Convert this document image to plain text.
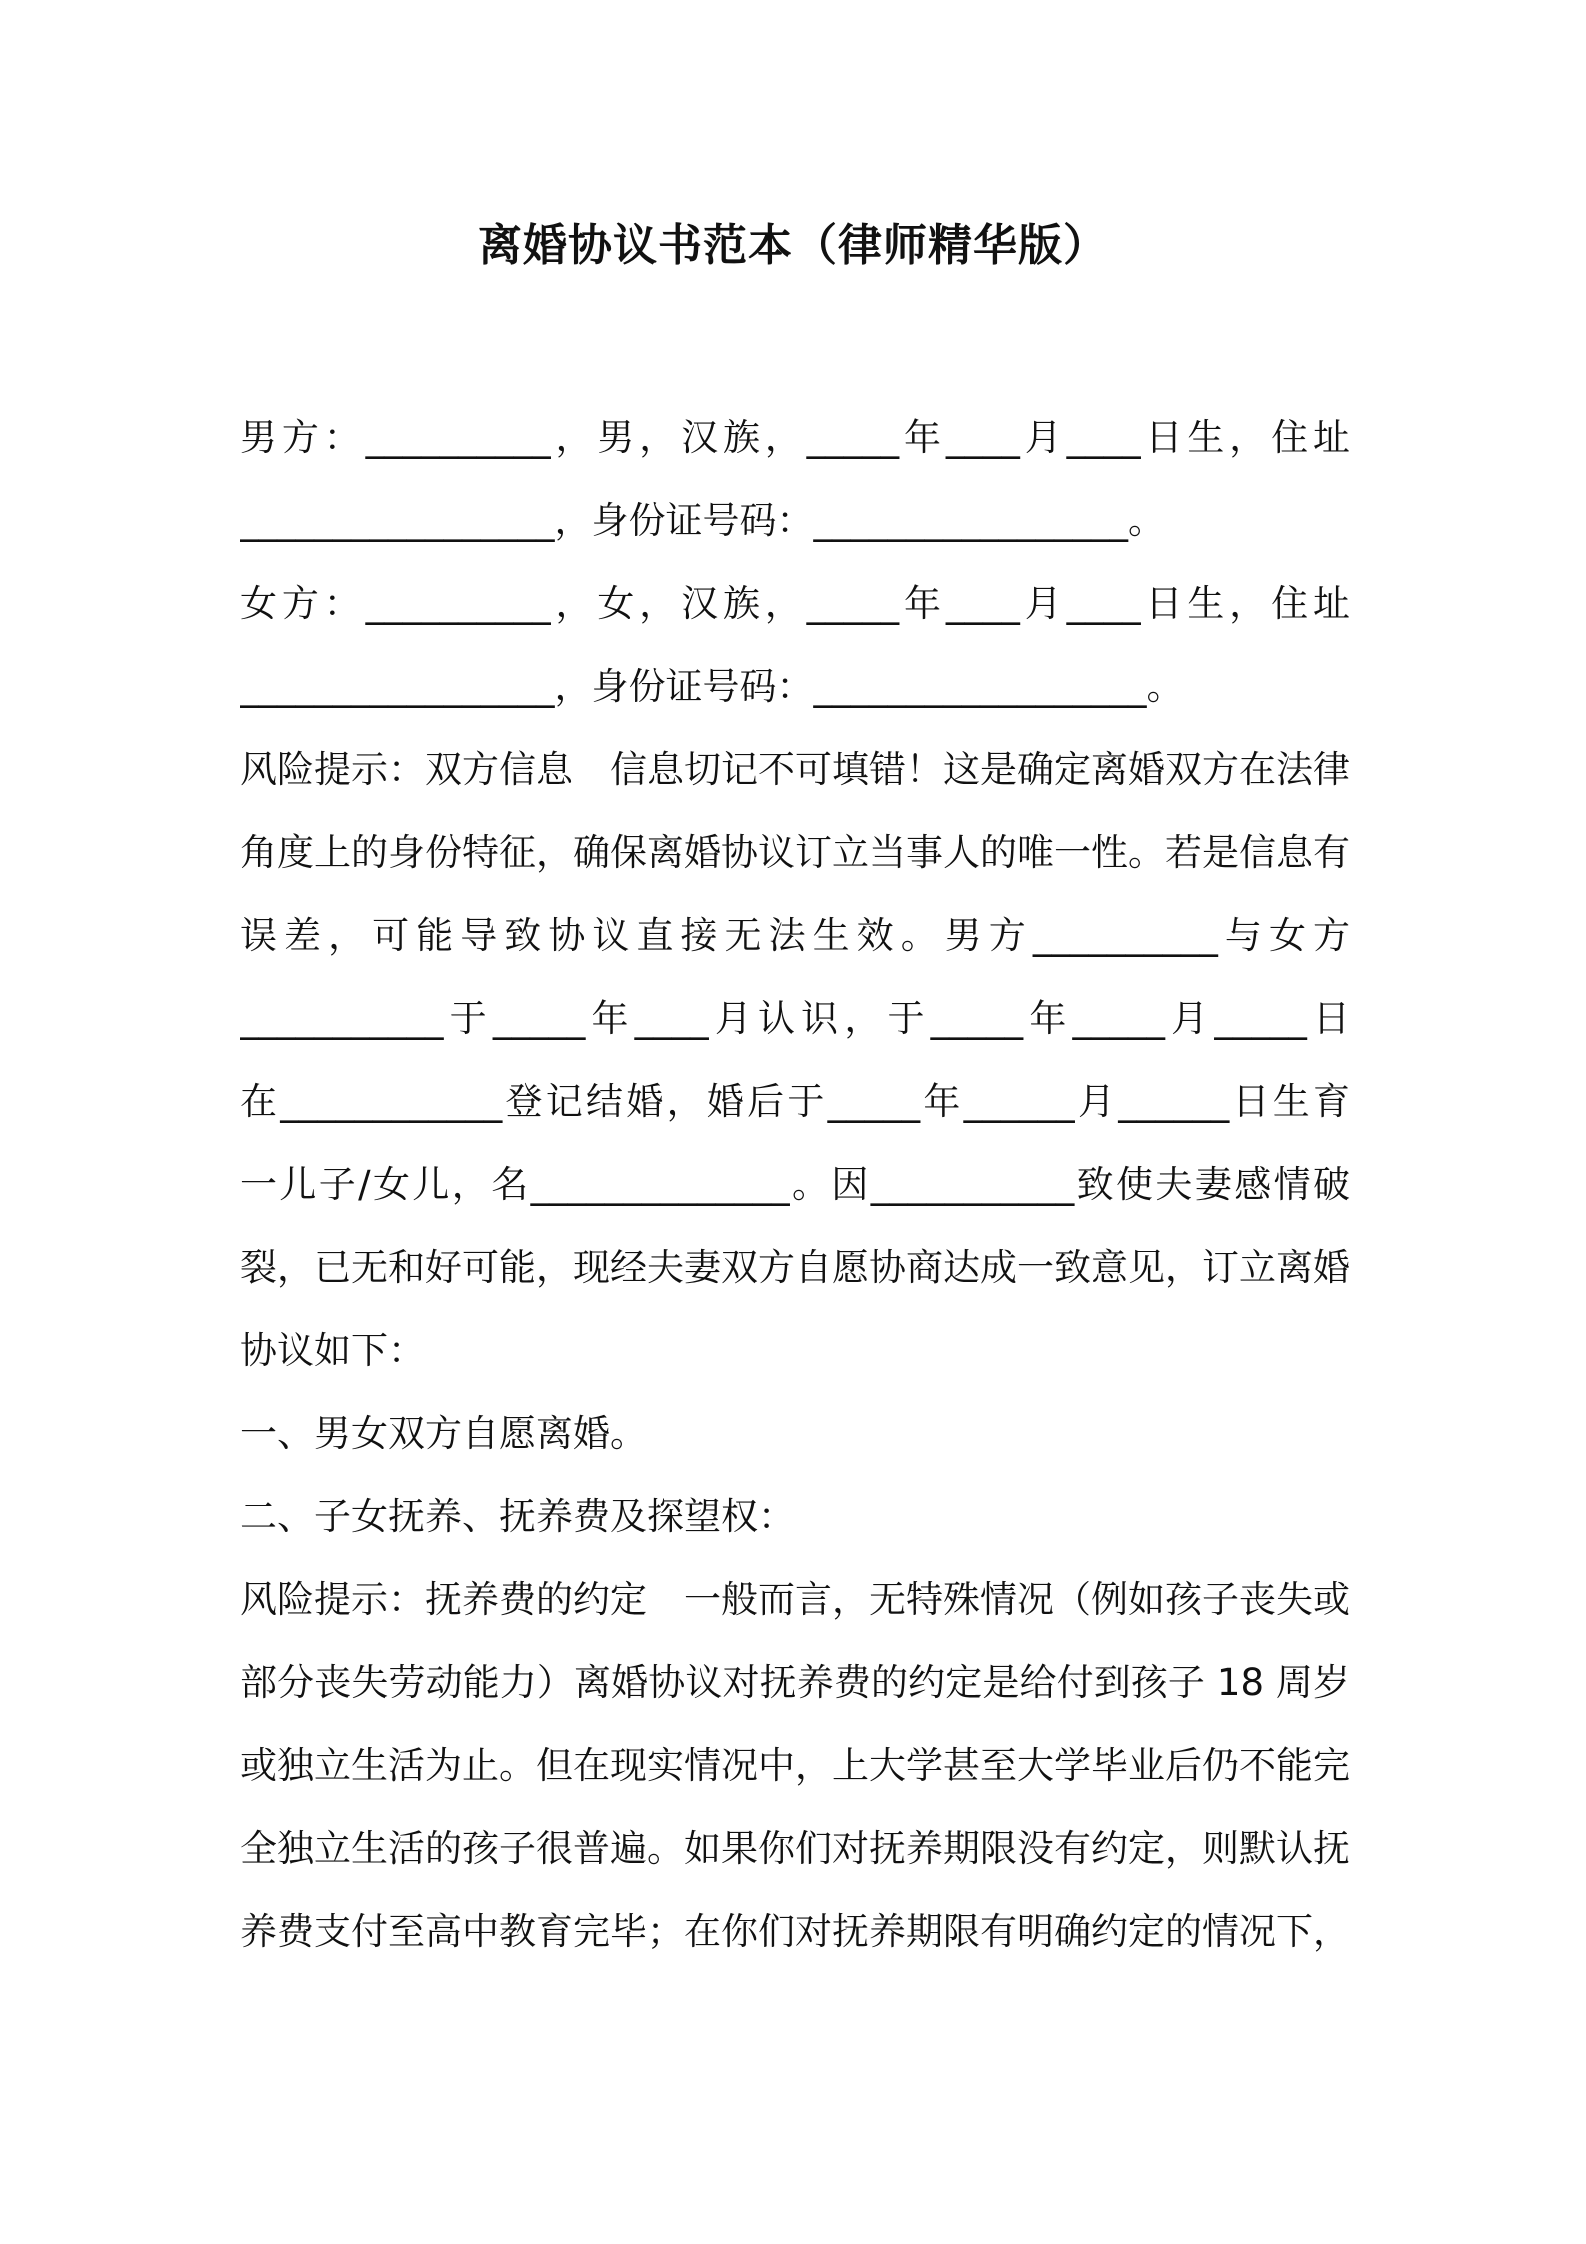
离婚协议书范本（律师精华版）
男方：__________，男，汉族，_____年____月____日生，住址
_________________，身份证号码：_________________。
女方：__________，女，汉族，_____年____月____日生，住址
_________________，身份证号码：__________________。
风险提示：双方信息　信息切记不可填错！这是确定离婚双方在法律
角度上的身份特征，确保离婚协议订立当事人的唯一性。若是信息有
误差，可能导致协议直接无法生效。男方__________与女方
___________于_____年____月认识，于_____年_____月_____日
在____________登记结婚，婚后于_____年______月______日生育
一儿子/女儿，名______________。因___________致使夫妻感情破
裂，已无和好可能，现经夫妻双方自愿协商达成一致意见，订立离婚
协议如下：
一、男女双方自愿离婚。
二、子女抚养、抚养费及探望权：
风险提示：抚养费的约定　一般而言，无特殊情况（例如孩子丧失或
部分丧失劳动能力）离婚协议对抚养费的约定是给付到孩子 18 周岁
或独立生活为止。但在现实情况中，上大学甚至大学毕业后仍不能完
全独立生活的孩子很普遍。如果你们对抚养期限没有约定，则默认抚
养费支付至高中教育完毕；在你们对抚养期限有明确约定的情况下，
